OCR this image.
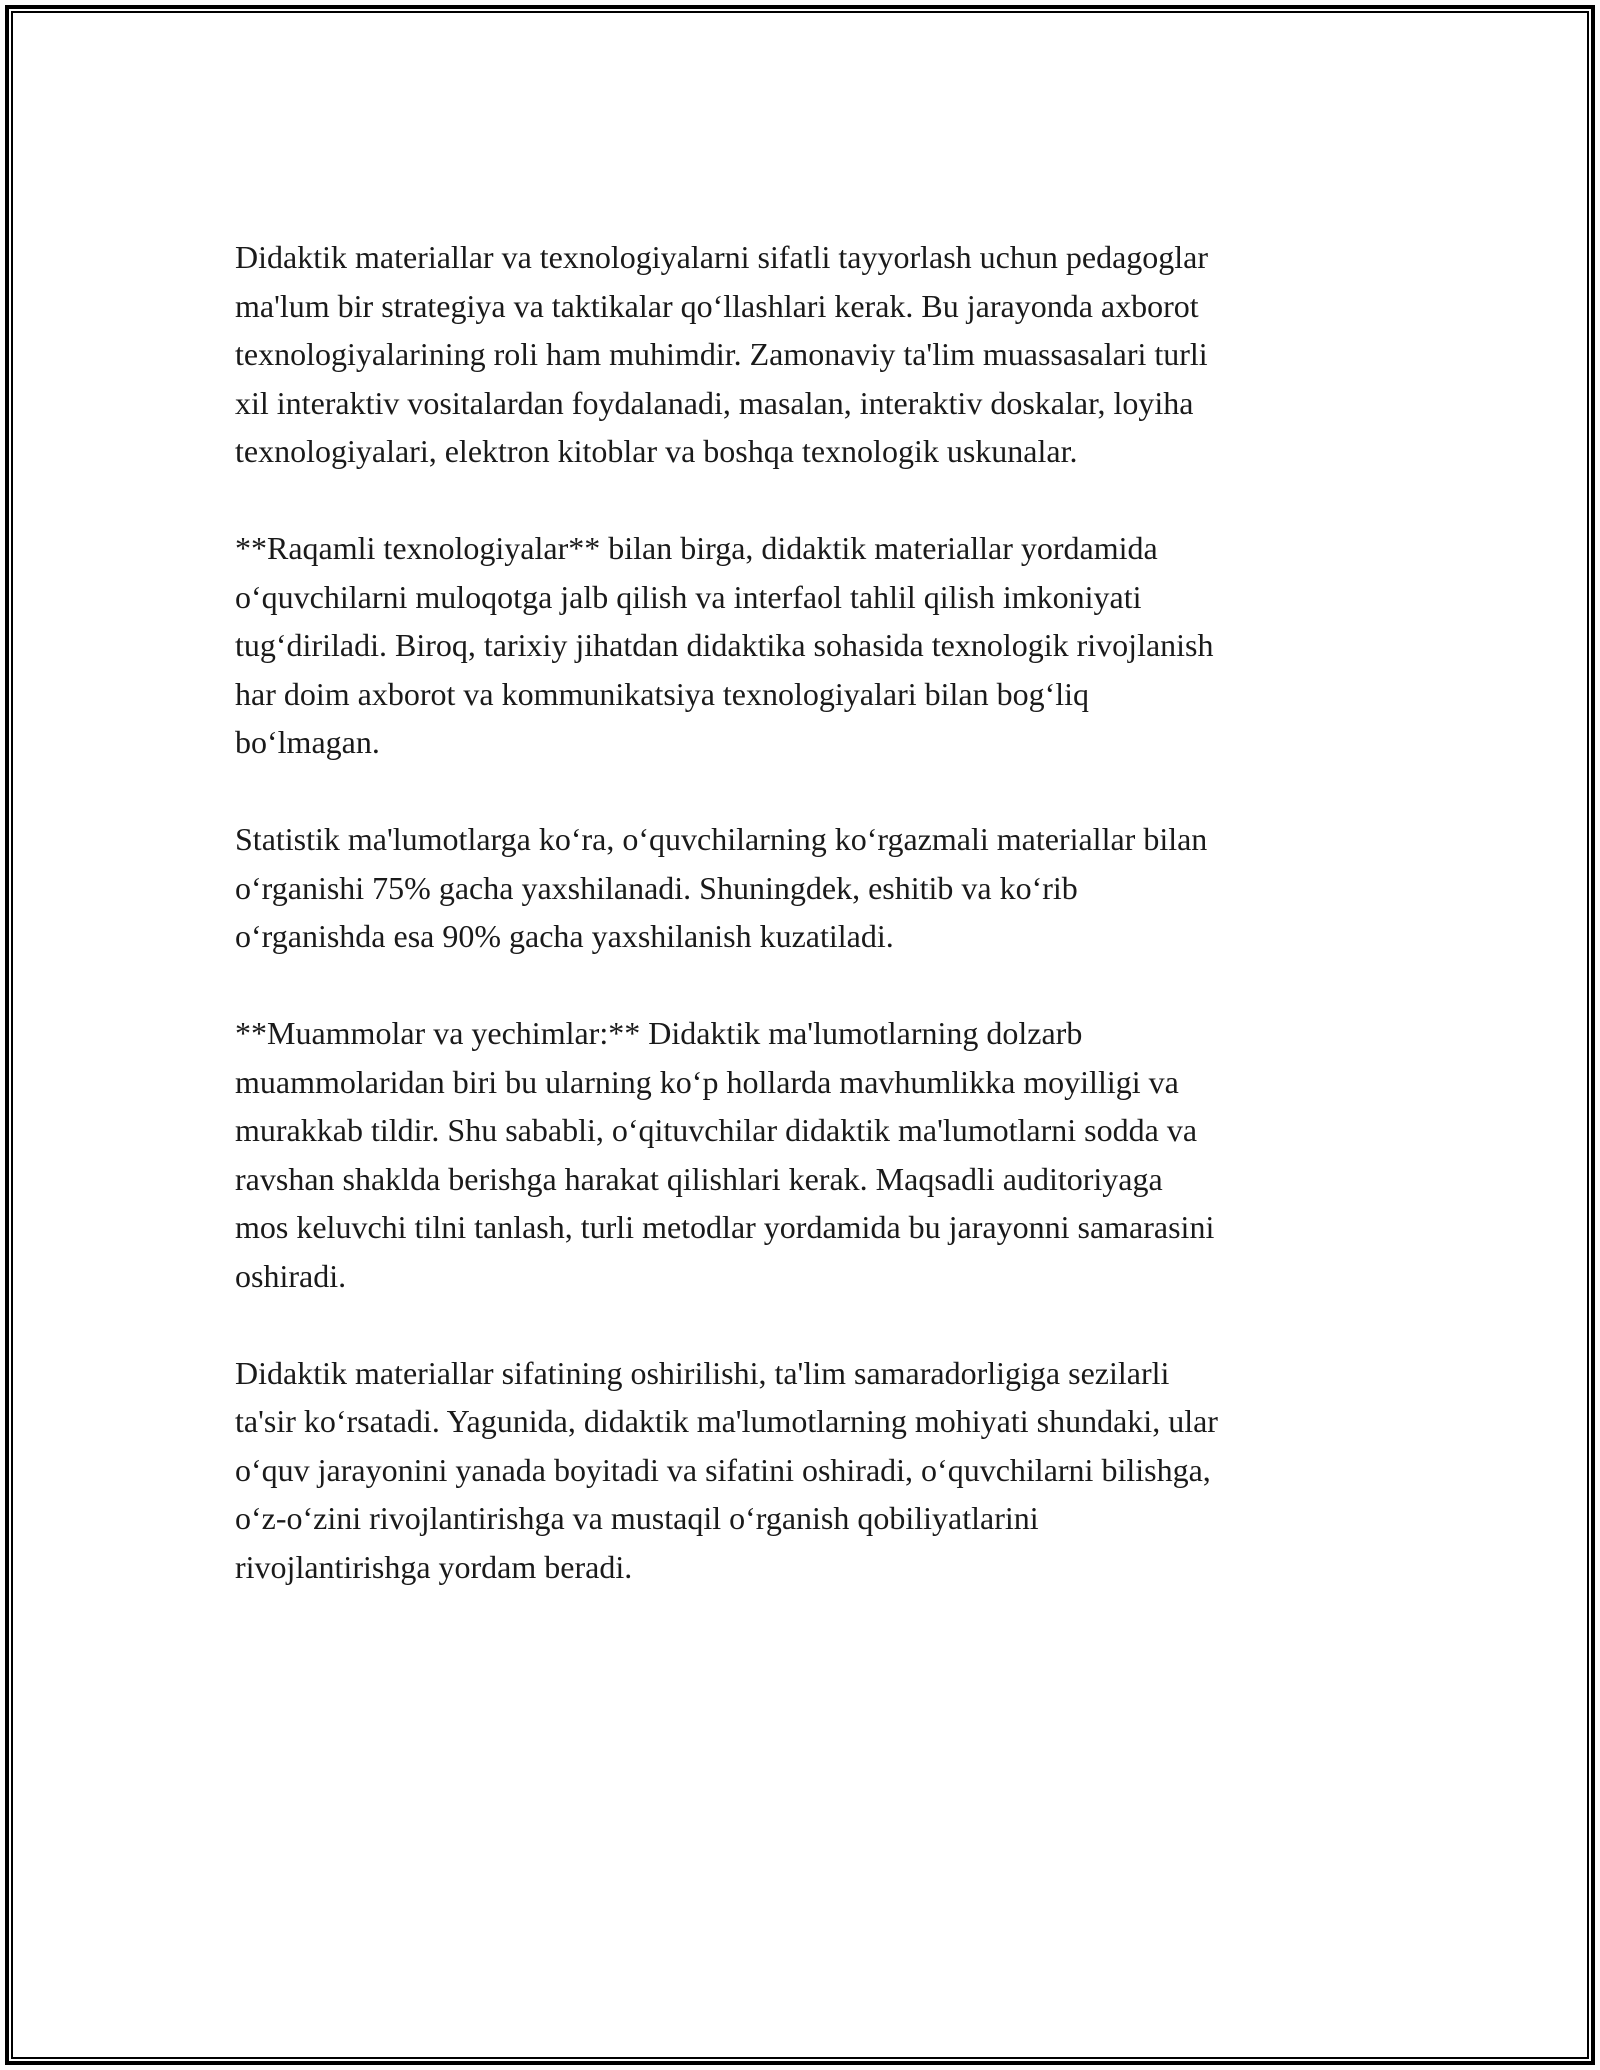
Didaktik materiallar va texnologiyalarni sifatli tayyorlash uchun pedagoglar
ma'lum bir strategiya va taktikalar qo‘llashlari kerak. Bu jarayonda axborot
texnologiyalarining roli ham muhimdir. Zamonaviy ta'lim muassasalari turli
xil interaktiv vositalardan foydalanadi, masalan, interaktiv doskalar, loyiha
texnologiyalari, elektron kitoblar va boshqa texnologik uskunalar.

**Raqamli texnologiyalar** bilan birga, didaktik materiallar yordamida
o‘quvchilarni muloqotga jalb qilish va interfaol tahlil qilish imkoniyati
tug‘diriladi. Biroq, tarixiy jihatdan didaktika sohasida texnologik rivojlanish
har doim axborot va kommunikatsiya texnologiyalari bilan bog‘liq
bo‘lmagan.

Statistik ma'lumotlarga ko‘ra, o‘quvchilarning ko‘rgazmali materiallar bilan
o‘rganishi 75% gacha yaxshilanadi. Shuningdek, eshitib va ko‘rib
o‘rganishda esa 90% gacha yaxshilanish kuzatiladi.

**Muammolar va yechimlar:** Didaktik ma'lumotlarning dolzarb
muammolaridan biri bu ularning ko‘p hollarda mavhumlikka moyilligi va
murakkab tildir. Shu sababli, o‘qituvchilar didaktik ma'lumotlarni sodda va
ravshan shakldа berishga harakat qilishlari kerak. Maqsadli auditoriyaga
mos keluvchi tilni tanlash, turli metodlar yordamida bu jarayonni samarasini
oshiradi.

Didaktik materiallar sifatining oshirilishi, ta'lim samaradorligiga sezilarli
ta'sir ko‘rsatadi. Yagunida, didaktik ma'lumotlarning mohiyati shundaki, ular
o‘quv jarayonini yanada boyitadi va sifatini oshiradi, o‘quvchilarni bilishga,
o‘z-o‘zini rivojlantirishga va mustaqil o‘rganish qobiliyatlarini
rivojlantirishga yordam beradi.
